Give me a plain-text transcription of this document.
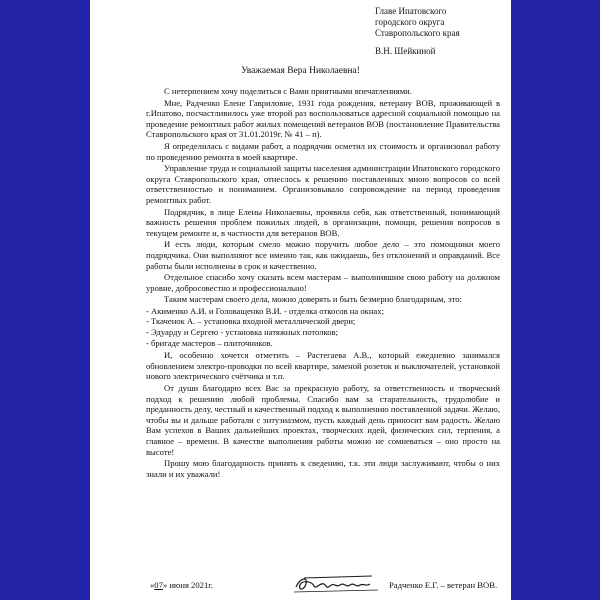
Главе Ипатовского
городского округа
Ставропольского края
В.Н. Шейкиной
Уважаемая Вера Николаевна!

С нетерпением хочу поделиться с Вами приятными впечатлениями.

Мне, Радченко Елене Гавриловне, 1931 года рождения, ветерану ВОВ, проживающей в г.Ипатово, посчастливилось уже второй раз воспользоваться адресной социальной помощью на проведение ремонтных работ жилых помещений ветеранов ВОВ (постановление Правительства Ставропольского края от 31.01.2019г. № 41 – п).

Я определилась с видами работ, а подрядчик осметил их стоимость и организовал работу по проведению ремонта в моей квартире.

Управление труда и социальной защиты населения администрации Ипатовского городского округа Ставропольского края, отнеслось к решению поставленных мною вопросов со всей ответственностью и пониманием. Организовывало сопровождение на период проведения ремонтных работ.

Подрядчик, в лице Елены Николаевны, проявила себя, как ответственный, понимающий важность решения проблем пожилых людей, в организации, помощи, решения вопросов в текущем ремонте и, в частности для ветеранов ВОВ.

И есть люди, которым смело можно поручить любое дело – это помощники моего подрядчика. Они выполняют все именно так, как ожидаешь, без отклонений и оправданий. Все работы были исполнены в срок и качественно.

Отдельное спасибо хочу сказать всем мастерам – выполнившим свою работу на должном уровне, добросовестно и профессионально!

Таким мастерам своего дела, можно доверять и быть безмерно благодарным, это:

- Акименко А.И. и Головащенко В.И. - отделка откосов на окнах;
- Ткаченок А. – установка входной металлической двери;
- Эдуарду и Сергею - установка натяжных потолков;
- бригаде мастеров – плиточников.

И, особенно хочется отметить – Растегаева А.В., который ежедневно занимался обновлением электро-проводки по всей квартире, заменой розеток и выключателей, установкой нового электрического счётчика и т.п.

От души благодарю всех Вас за прекрасную работу, за ответственность и творческий подход к решению любой проблемы. Спасибо вам за старательность, трудолюбие и преданность делу, честный и качественный подход к выполнению поставленной задачи. Желаю, чтобы вы и дальше работали с энтузиазмом, пусть каждый день приносит вам радость. Желаю Вам успехов в Ваших дальнейших проектах, творческих идей, физических сил, терпения, а главное – времени. В качестве выполнения работы можно не сомневаться – оно просто на высоте!

Прошу мою благодарность принять к сведению, т.к. эти люди заслуживают, чтобы о них знали и их уважали!

«07» июня 2021г.	Радченко Е.Г. – ветеран ВОВ.
